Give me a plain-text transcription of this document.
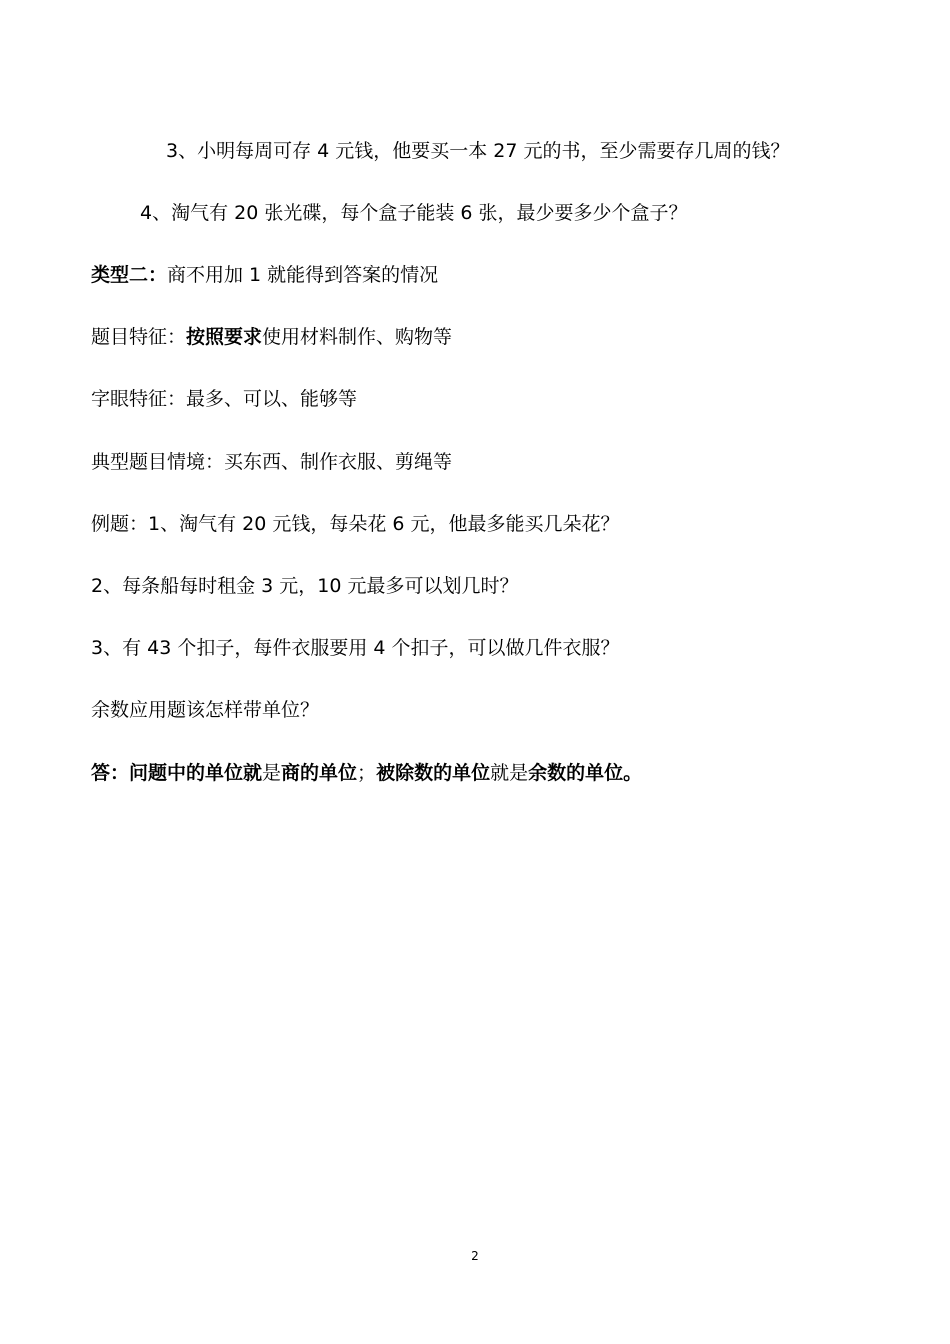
3、小明每周可存 4 元钱，他要买一本 27 元的书，至少需要存几周的钱？

4、淘气有 20 张光碟，每个盒子能装 6 张，最少要多少个盒子？

类型二：商不用加 1 就能得到答案的情况

题目特征：按照要求使用材料制作、购物等

字眼特征：最多、可以、能够等

典型题目情境：买东西、制作衣服、剪绳等

例题：1、淘气有 20 元钱，每朵花 6 元，他最多能买几朵花？

2、每条船每时租金 3 元，10 元最多可以划几时？

3、有 43 个扣子，每件衣服要用 4 个扣子，可以做几件衣服？

余数应用题该怎样带单位？

答：问题中的单位就是商的单位；被除数的单位就是余数的单位。

2
